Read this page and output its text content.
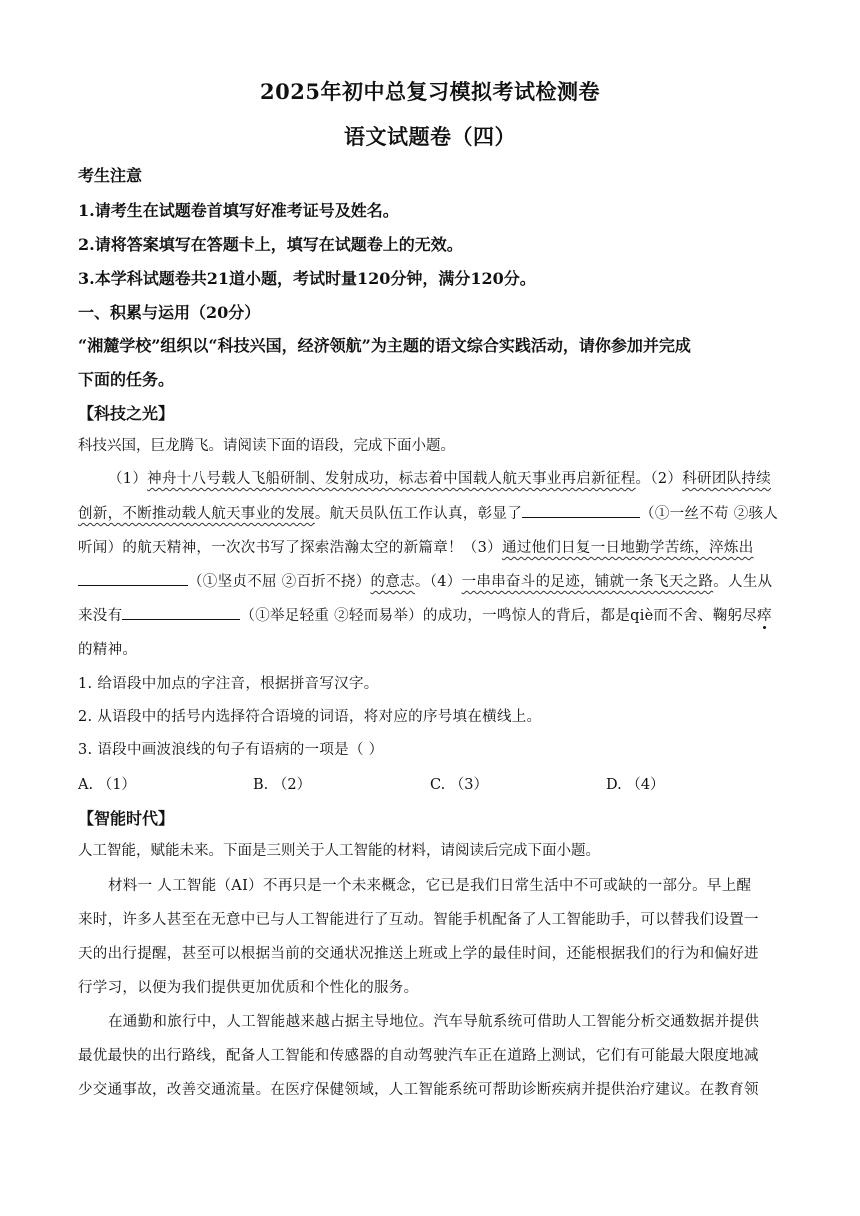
2025年初中总复习模拟考试检测卷
语文试题卷（四）
考生注意
1.请考生在试题卷首填写好准考证号及姓名。
2.请将答案填写在答题卡上，填写在试题卷上的无效。
3.本学科试题卷共21道小题，考试时量120分钟，满分120分。
一、积累与运用（20分）
“湘麓学校”组织以“科技兴国，经济领航”为主题的语文综合实践活动，请你参加并完成
下面的任务。
【科技之光】
科技兴国，巨龙腾飞。请阅读下面的语段，完成下面小题。
（1）神舟十八号载人飞船研制、发射成功，标志着中国载人航天事业再启新征程。（2）科研团队持续
创新，不断推动载人航天事业的发展。航天员队伍工作认真，彰显了	（①一丝不苟 ②骇人
听闻）的航天精神，一次次书写了探索浩瀚太空的新篇章！（3）通过他们日复一日地勤学苦练，淬炼出
（①坚贞不屈 ②百折不挠）的意志。（4）一串串奋斗的足迹，铺就一条飞天之路。人生从
来没有	（①举足轻重 ②轻而易举）的成功，一鸣惊人的背后，都是qiè而不舍、鞠躬尽瘁
的精神。
1. 给语段中加点的字注音，根据拼音写汉字。
2. 从语段中的括号内选择符合语境的词语，将对应的序号填在横线上。
3. 语段中画波浪线的句子有语病的一项是（ ）
A. （1）	B. （2）	C. （3）	D. （4）
【智能时代】
人工智能，赋能未来。下面是三则关于人工智能的材料，请阅读后完成下面小题。
材料一 人工智能（AI）不再只是一个未来概念，它已是我们日常生活中不可或缺的一部分。早上醒
来时，许多人甚至在无意中已与人工智能进行了互动。智能手机配备了人工智能助手，可以替我们设置一
天的出行提醒，甚至可以根据当前的交通状况推送上班或上学的最佳时间，还能根据我们的行为和偏好进
行学习，以便为我们提供更加优质和个性化的服务。
在通勤和旅行中，人工智能越来越占据主导地位。汽车导航系统可借助人工智能分析交通数据并提供
最优最快的出行路线，配备人工智能和传感器的自动驾驶汽车正在道路上测试，它们有可能最大限度地减
少交通事故，改善交通流量。在医疗保健领域，人工智能系统可帮助诊断疾病并提供治疗建议。在教育领
